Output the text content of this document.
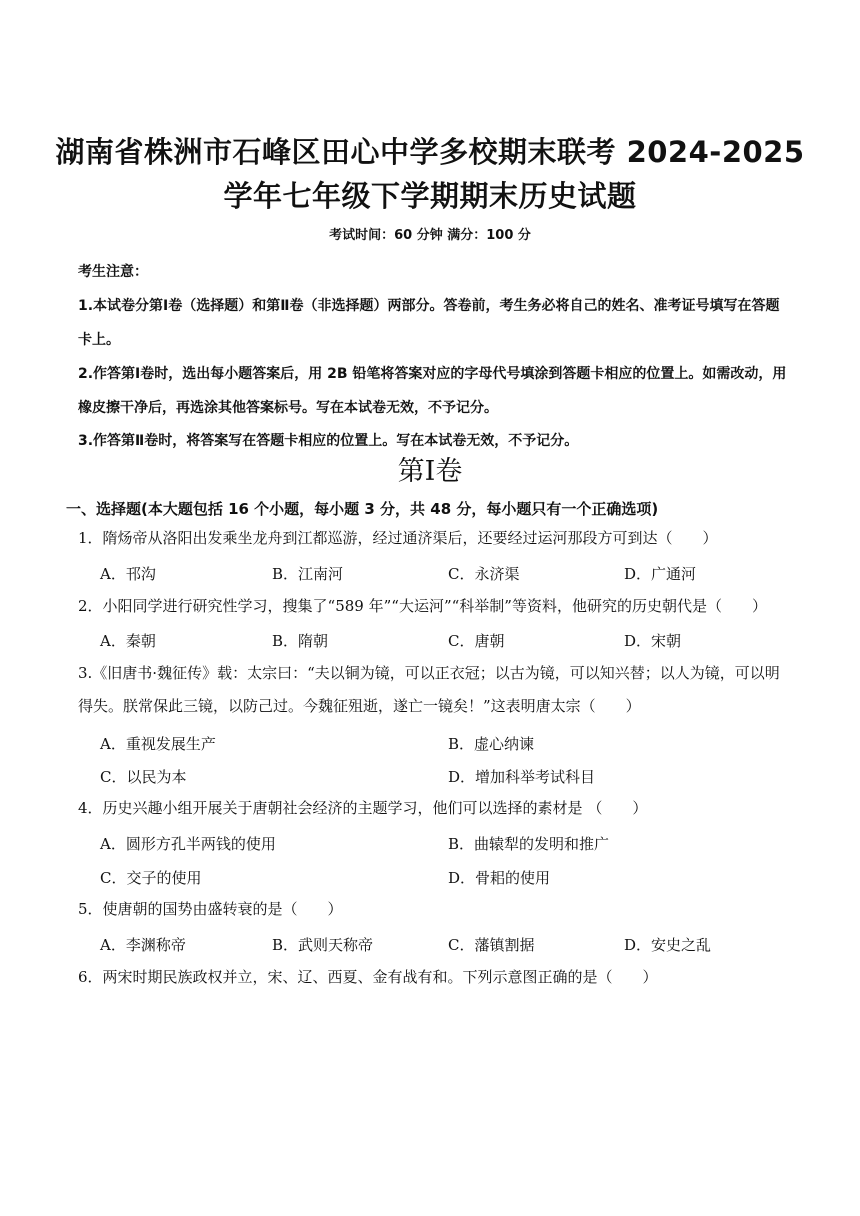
湖南省株洲市石峰区田心中学多校期末联考 2024-2025
学年七年级下学期期末历史试题
考试时间：60 分钟 满分：100 分
考生注意：
1.本试卷分第Ⅰ卷（选择题）和第Ⅱ卷（非选择题）两部分。答卷前，考生务必将自己的姓名、准考证号填写在答题卡上。
2.作答第Ⅰ卷时，选出每小题答案后，用 2B 铅笔将答案对应的字母代号填涂到答题卡相应的位置上。如需改动，用橡皮擦干净后，再选涂其他答案标号。写在本试卷无效，不予记分。
3.作答第Ⅱ卷时，将答案写在答题卡相应的位置上。写在本试卷无效，不予记分。
第Ⅰ卷
一、选择题(本大题包括 16 个小题，每小题 3 分，共 48 分，每小题只有一个正确选项)
1．隋炀帝从洛阳出发乘坐龙舟到江都巡游，经过通济渠后，还要经过运河那段方可到达（　　）
A．邗沟	B．江南河	C．永济渠	D．广通河
2．小阳同学进行研究性学习，搜集了“589 年”“大运河”“科举制”等资料，他研究的历史朝代是（　　）
A．秦朝	B．隋朝	C．唐朝	D．宋朝
3.《旧唐书·魏征传》载：太宗曰：“夫以铜为镜，可以正衣冠；以古为镜，可以知兴替；以人为镜，可以明得失。朕常保此三镜，以防己过。今魏征殂逝，遂亡一镜矣！”这表明唐太宗（　　）
A．重视发展生产	B．虚心纳谏
C．以民为本	D．增加科举考试科目
4．历史兴趣小组开展关于唐朝社会经济的主题学习，他们可以选择的素材是 （　　）
A．圆形方孔半两钱的使用	B．曲辕犁的发明和推广
C．交子的使用	D．骨耜的使用
5．使唐朝的国势由盛转衰的是（　　）
A．李渊称帝	B．武则天称帝	C．藩镇割据	D．安史之乱
6．两宋时期民族政权并立，宋、辽、西夏、金有战有和。下列示意图正确的是（　　）
